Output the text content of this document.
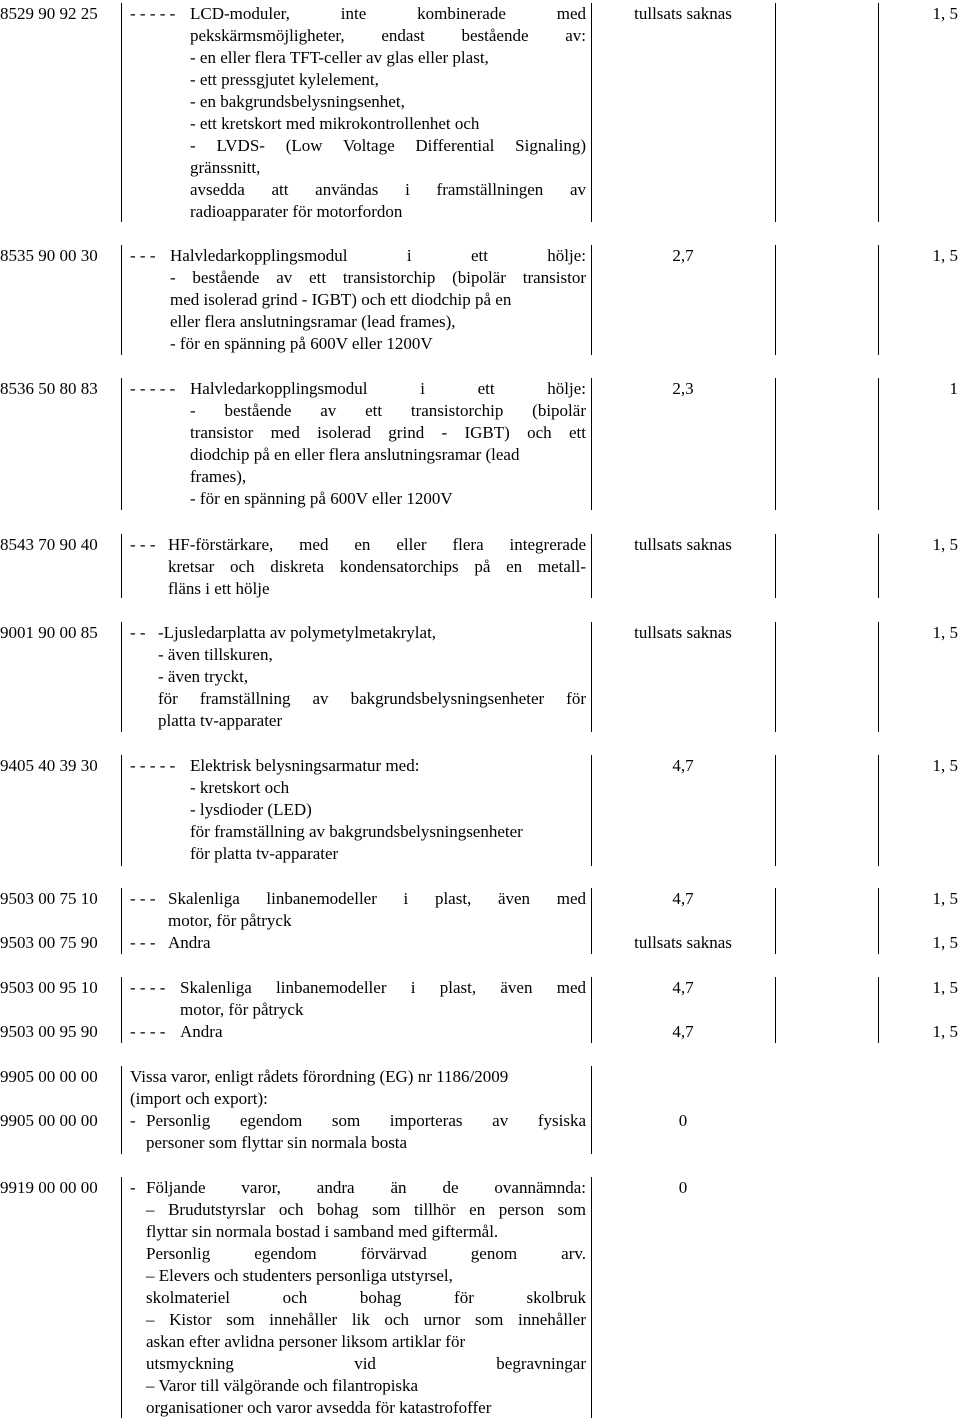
8529 90 92 25 - - - - - LCD-moduler, inte kombinerade med
pekskärmsmöjligheter, endast bestående av:
- en eller flera TFT-celler av glas eller plast,
- ett pressgjutet kylelement,
- en bakgrundsbelysningsenhet,
- ett kretskort med mikrokontrollenhet och
- LVDS- (Low Voltage Differential Signaling)
gränssnitt,
avsedda att användas i framställningen av
radioapparater för motorfordon
tullsats saknas	1, 5
8535 90 00 30 - - - Halvledarkopplingsmodul i ett hölje:
- bestående av ett transistorchip (bipolär transistor
med isolerad grind - IGBT) och ett diodchip på en
eller flera anslutningsramar (lead frames),
- för en spänning på 600V eller 1200V
2,7	1, 5
8536 50 80 83 - - - - - Halvledarkopplingsmodul i ett hölje:
- bestående av ett transistorchip (bipolär
transistor med isolerad grind - IGBT) och ett
diodchip på en eller flera anslutningsramar (lead
frames),
- för en spänning på 600V eller 1200V
2,3	1
8543 70 90 40 - - - HF-förstärkare, med en eller flera integrerade
kretsar och diskreta kondensatorchips på en metall-
fläns i ett hölje
tullsats saknas	1, 5
9001 90 00 85 - - -Ljusledarplatta av polymetylmetakrylat,
- även tillskuren,
- även tryckt,
för framställning av bakgrundsbelysningsenheter för
platta tv-apparater
tullsats saknas	1, 5
9405 40 39 30 - - - - - Elektrisk belysningsarmatur med:
- kretskort och
- lysdioder (LED)
för framställning av bakgrundsbelysningsenheter
för platta tv-apparater
4,7	1, 5
9503 00 75 10 - - - Skalenliga linbanemodeller i plast, även med
motor, för påtryck
4,7	1, 5
9503 00 75 90 - - - Andra	tullsats saknas	1, 5
9503 00 95 10 - - - - Skalenliga linbanemodeller i plast, även med
motor, för påtryck
4,7	1, 5
9503 00 95 90 - - - - Andra	4,7	1, 5
9905 00 00 00 Vissa varor, enligt rådets förordning (EG) nr 1186/2009
(import och export):
9905 00 00 00 - Personlig egendom som importeras av fysiska
personer som flyttar sin normala bosta
0
9919 00 00 00 - Följande varor, andra än de ovannämnda:
– Brudutstyrslar och bohag som tillhör en person som
flyttar sin normala bostad i samband med giftermål.
Personlig egendom förvärvad genom arv.
– Elevers och studenters personliga utstyrsel,
skolmateriel och bohag för skolbruk
– Kistor som innehåller lik och urnor som innehåller
askan efter avlidna personer liksom artiklar för
utsmyckning vid begravningar
– Varor till välgörande och filantropiska
organisationer och varor avsedda för katastrofoffer
0
